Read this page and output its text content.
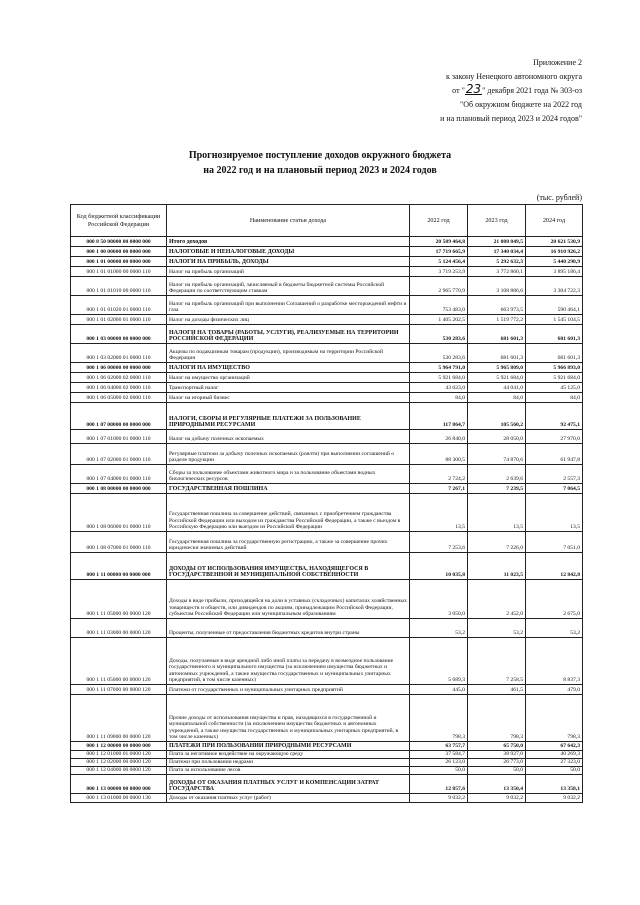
Приложение 2
к закону Ненецкого автономного округа
от "23" декабря 2021 года № 303-оз
"Об окружном бюджете на 2022 год
и на плановый период 2023 и 2024 годов"
Прогнозируемое поступление доходов окружного бюджета
на 2022 год и на плановый период 2023 и 2024 годов
(тыс. рублей)
Код бюджетной классификации Российской Федерации	Наименование статьи дохода	2022 год	2023 год	2024 год
000 8 50 00000 00 0000 000	Итого доходов	20 589 464,8	21 080 849,5	20 621 530,9
000 1 00 00000 00 0000 000	НАЛОГОВЫЕ И НЕНАЛОГОВЫЕ ДОХОДЫ	17 719 665,9	17 340 034,4	16 910 926,2
000 1 01 00000 00 0000 000	НАЛОГИ НА ПРИБЫЛЬ, ДОХОДЫ	5 124 456,4	5 292 632,3	5 440 290,9
000 1 01 01000 00 0000 110	Налог на прибыль организаций	3 719 253,9	3 772 860,1	3 895 186,4
000 1 01 01010 00 0000 110	Налог на прибыль организаций, зачисляемый в бюджеты бюджетной системы Российской Федерации по соответствующим ставкам	2 965 770,9	3 108 886,6	3 304 722,3
000 1 01 01020 01 0000 110	Налог на прибыль организаций при выполнении Соглашений о разработке месторождений нефти и газа	753 483,0	663 973,5	590 464,1
000 1 01 02000 01 0000 110	Налог на доходы физических лиц	1 405 202,5	1 519 772,2	1 545 104,5
000 1 03 00000 00 0000 000	НАЛОГИ НА ТОВАРЫ (РАБОТЫ, УСЛУГИ), РЕАЛИЗУЕМЫЕ НА ТЕРРИТОРИИ РОССИЙСКОЙ ФЕДЕРАЦИИ	530 283,6	681 601,3	681 601,3
000 1 03 02000 01 0000 110	Акцизы по подакцизным товарам (продукции), производимым на территории Российской Федерации	530 283,6	681 601,3	681 601,3
000 1 06 00000 00 0000 000	НАЛОГИ НА ИМУЩЕСТВО	5 964 791,0	5 965 809,0	5 966 893,0
000 1 06 02000 02 0000 110	Налог на имущество организаций	5 921 684,0	5 921 684,0	5 921 684,0
000 1 06 04000 02 0000 110	Транспортный налог	43 023,0	44 041,0	45 125,0
000 1 06 05000 02 0000 110	Налог на игорный бизнес	84,0	84,0	84,0
000 1 07 00000 00 0000 000	НАЛОГИ, СБОРЫ И РЕГУЛЯРНЫЕ ПЛАТЕЖИ ЗА ПОЛЬЗОВАНИЕ ПРИРОДНЫМИ РЕСУРСАМИ	117 864,7	105 560,2	92 475,1
000 1 07 01000 01 0000 110	Налог на добычу полезных ископаемых	26 840,0	28 050,0	27 970,0
000 1 07 02000 01 0000 110	Регулярные платежи за добычу полезных ископаемых (роялти) при выполнении соглашений о разделе продукции	88 300,5	74 870,6	61 947,8
000 1 07 04000 01 0000 110	Сборы за пользование объектами животного мира и за пользование объектами водных биологических ресурсов	2 724,2	2 639,6	2 557,3
000 1 08 00000 00 0000 000	ГОСУДАРСТВЕННАЯ ПОШЛИНА	7 267,1	7 239,5	7 064,5
000 1 08 06000 01 0000 110	Государственная пошлина за совершение действий, связанных с приобретением гражданства Российской Федерации или выходом из гражданства Российской Федерации, а также с въездом в Российскую Федерацию или выездом из Российской Федерации	13,5	13,5	13,5
000 1 08 07000 01 0000 110	Государственная пошлина за государственную регистрацию, а также за совершение прочих юридически значимых действий	7 253,6	7 226,0	7 051,0
000 1 11 00000 00 0000 000	ДОХОДЫ ОТ ИСПОЛЬЗОВАНИЯ ИМУЩЕСТВА, НАХОДЯЩЕГОСЯ В ГОСУДАРСТВЕННОЙ И МУНИЦИПАЛЬНОЙ СОБСТВЕННОСТИ	10 035,8	11 023,5	12 842,8
000 1 11 05000 00 0000 120	Доходы в виде прибыли, приходящейся на доли в уставных (складочных) капиталах хозяйственных товариществ и обществ, или дивидендов по акциям, принадлежащим Российской Федерации, субъектам Российской Федерации или муниципальным образованиям	3 050,0	2 452,0	2 675,0
000 1 11 03000 00 0000 120	Проценты, полученные от предоставления бюджетных кредитов внутри страны	53,2	53,2	53,2
000 1 11 05000 00 0000 120	Доходы, получаемые в виде арендной либо иной платы за передачу в возмездное пользование государственного и муниципального имущества (за исключением имущества бюджетных и автономных учреждений, а также имущества государственных и муниципальных унитарных предприятий, в том числе казенных)	5 689,3	7 258,5	8 837,3
000 1 11 07000 00 0000 120	Платежи от государственных и муниципальных унитарных предприятий	445,0	461,5	479,0
000 1 11 09000 00 0000 120	Прочие доходы от использования имущества и прав, находящихся в государственной и муниципальной собственности (за исключением имущества бюджетных и автономных учреждений, а также имущества государственных и муниципальных унитарных предприятий, в том числе казенных)	798,3	798,3	798,3
000 1 12 00000 00 0000 000	ПЛАТЕЖИ ПРИ ПОЛЬЗОВАНИИ ПРИРОДНЫМИ РЕСУРСАМИ	63 757,7	65 750,0	67 642,3
000 1 12 01000 01 0000 120	Плата за негативное воздействие на окружающую среду	37 584,7	38 927,0	40 269,3
000 1 12 02000 00 0000 120	Платежи при пользовании недрами	26 123,0	26 773,0	27 323,0
000 1 12 04000 00 0000 120	Плата за использование лесов	50,0	50,0	50,0
000 1 13 00000 00 0000 000	ДОХОДЫ ОТ ОКАЗАНИЯ ПЛАТНЫХ УСЛУГ И КОМПЕНСАЦИИ ЗАТРАТ ГОСУДАРСТВА	12 857,6	13 350,4	13 358,1
000 1 13 01000 00 0000 130	Доходы от оказания платных услуг (работ)	9 032,2	9 032,2	9 032,2
